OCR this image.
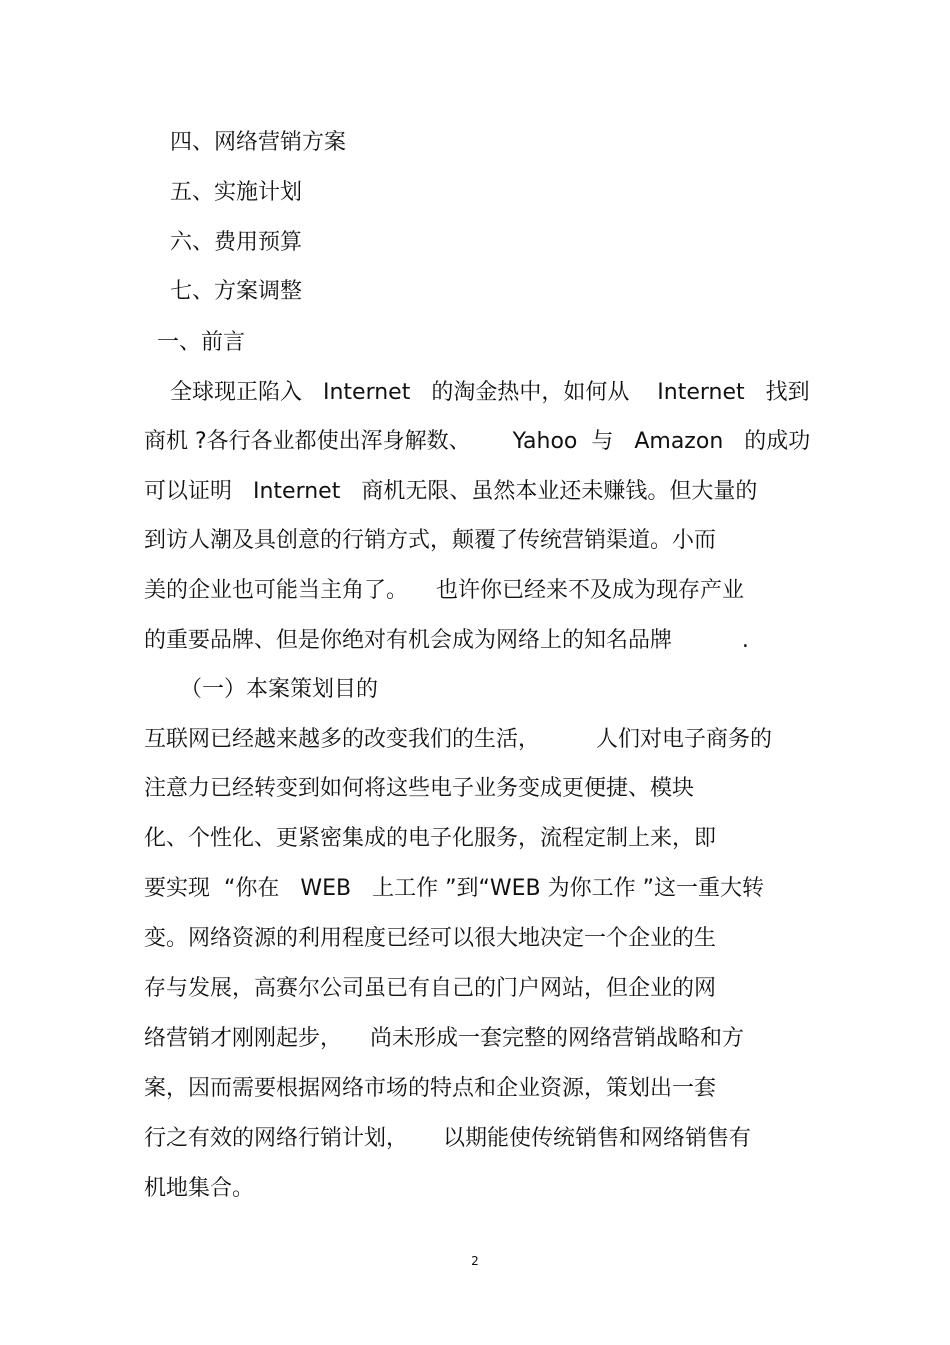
四、网络营销方案
五、实施计划
六、费用预算
七、方案调整
一、前言
全球现正陷入   Internet   的淘金热中，如何从    Internet   找到
商机 ?各行各业都使出浑身解数、      Yahoo  与   Amazon   的成功
可以证明   Internet   商机无限、虽然本业还未赚钱。但大量的
到访人潮及具创意的行销方式，颠覆了传统营销渠道。小而
美的企业也可能当主角了。    也许你已经来不及成为现存产业
的重要品牌、但是你绝对有机会成为网络上的知名品牌          .
（一）本案策划目的
互联网已经越来越多的改变我们的生活，        人们对电子商务的
注意力已经转变到如何将这些电子业务变成更便捷、模块
化、个性化、更紧密集成的电子化服务，流程定制上来，即
要实现  “你在   WEB   上工作 ”到“WEB 为你工作 ”这一重大转
变。网络资源的利用程度已经可以很大地决定一个企业的生
存与发展，高赛尔公司虽已有自己的门户网站，但企业的网
络营销才刚刚起步，    尚未形成一套完整的网络营销战略和方
案，因而需要根据网络市场的特点和企业资源，策划出一套
行之有效的网络行销计划，     以期能使传统销售和网络销售有
机地集合。
2
